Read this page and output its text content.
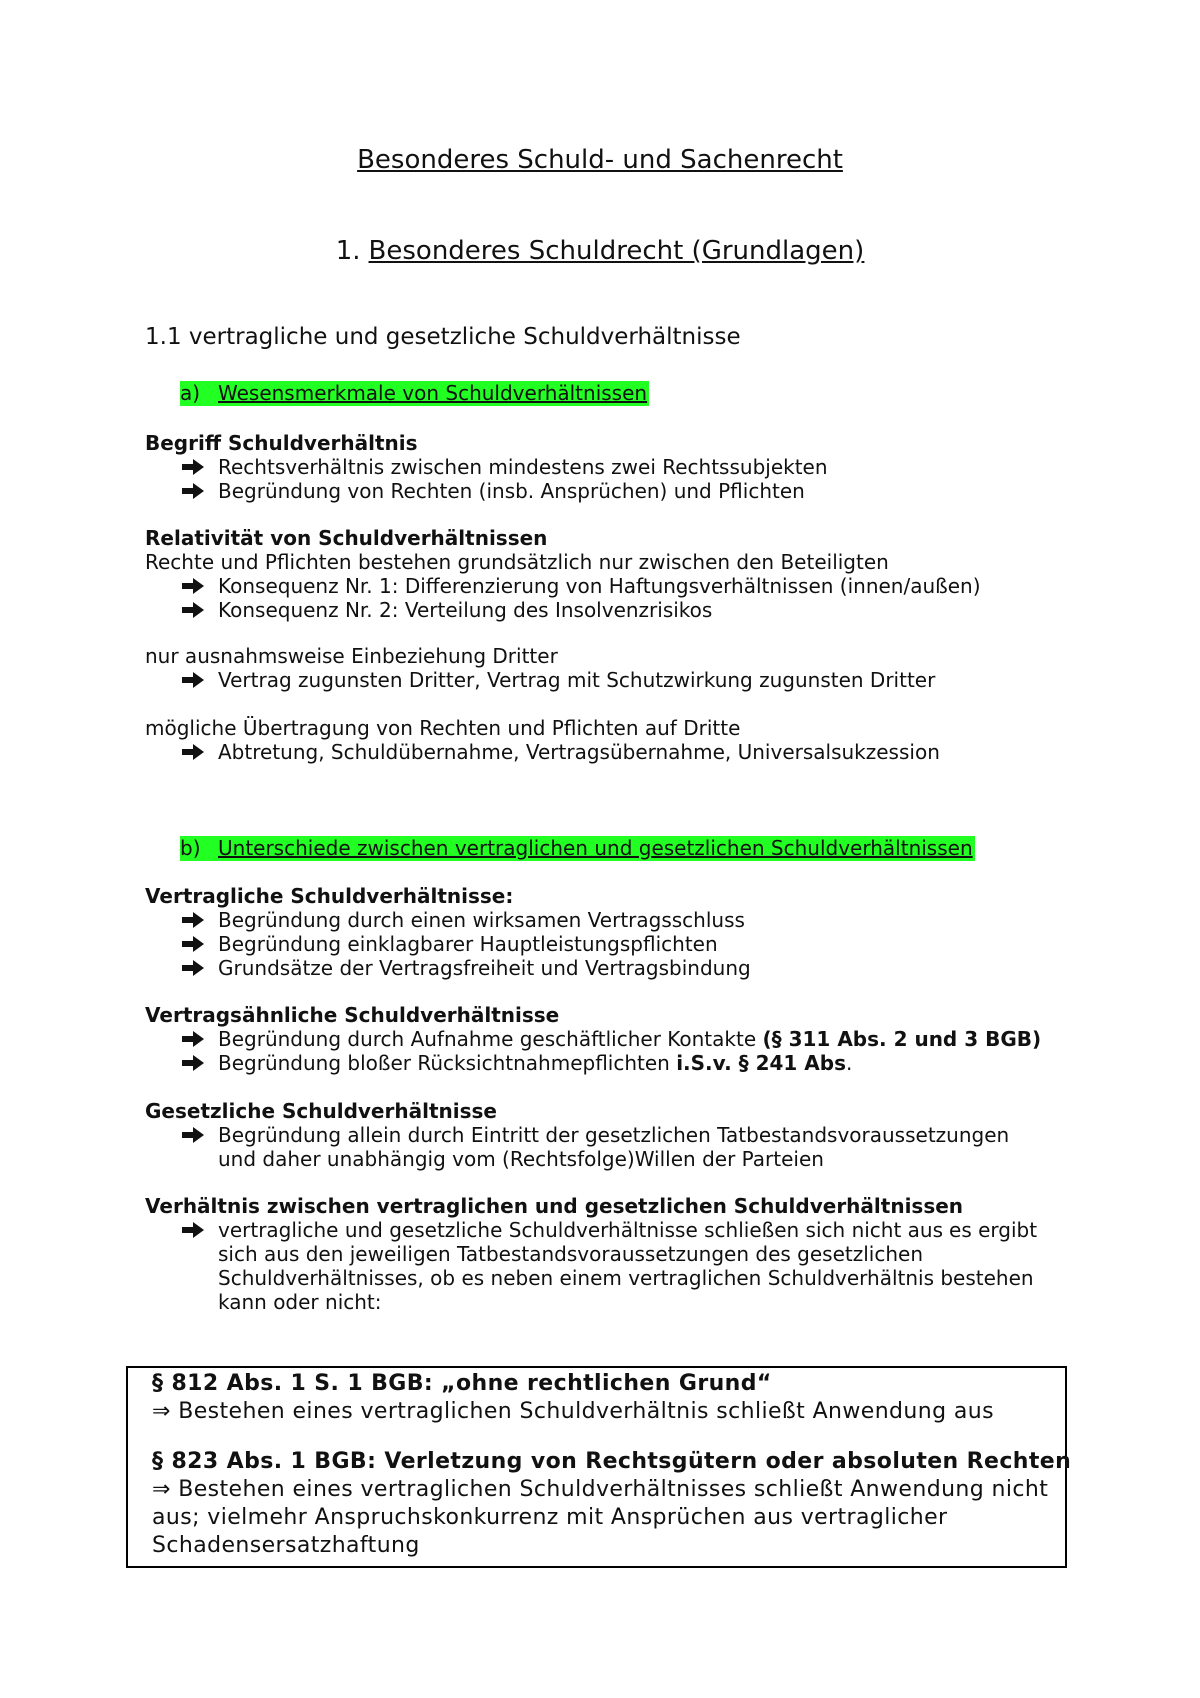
Besonderes Schuld- und Sachenrecht
1. Besonderes Schuldrecht (Grundlagen)
1.1 vertragliche und gesetzliche Schuldverhältnisse
a) Wesensmerkmale von Schuldverhältnissen
Begriff Schuldverhältnis
Rechtsverhältnis zwischen mindestens zwei Rechtssubjekten
Begründung von Rechten (insb. Ansprüchen) und Pflichten
Relativität von Schuldverhältnissen
Rechte und Pflichten bestehen grundsätzlich nur zwischen den Beteiligten
Konsequenz Nr. 1: Differenzierung von Haftungsverhältnissen (innen/außen)
Konsequenz Nr. 2: Verteilung des Insolvenzrisikos
nur ausnahmsweise Einbeziehung Dritter
Vertrag zugunsten Dritter, Vertrag mit Schutzwirkung zugunsten Dritter
mögliche Übertragung von Rechten und Pflichten auf Dritte
Abtretung, Schuldübernahme, Vertragsübernahme, Universalsukzession
b) Unterschiede zwischen vertraglichen und gesetzlichen Schuldverhältnissen
Vertragliche Schuldverhältnisse:
Begründung durch einen wirksamen Vertragsschluss
Begründung einklagbarer Hauptleistungspflichten
Grundsätze der Vertragsfreiheit und Vertragsbindung
Vertragsähnliche Schuldverhältnisse
Begründung durch Aufnahme geschäftlicher Kontakte (§ 311 Abs. 2 und 3 BGB)
Begründung bloßer Rücksichtnahmepflichten i.S.v. § 241 Abs.
Gesetzliche Schuldverhältnisse
Begründung allein durch Eintritt der gesetzlichen Tatbestandsvoraussetzungen
und daher unabhängig vom (Rechtsfolge)Willen der Parteien
Verhältnis zwischen vertraglichen und gesetzlichen Schuldverhältnissen
vertragliche und gesetzliche Schuldverhältnisse schließen sich nicht aus es ergibt
sich aus den jeweiligen Tatbestandsvoraussetzungen des gesetzlichen
Schuldverhältnisses, ob es neben einem vertraglichen Schuldverhältnis bestehen
kann oder nicht:
§ 812 Abs. 1 S. 1 BGB: „ohne rechtlichen Grund“
⇒ Bestehen eines vertraglichen Schuldverhältnis schließt Anwendung aus
§ 823 Abs. 1 BGB: Verletzung von Rechtsgütern oder absoluten Rechten
⇒ Bestehen eines vertraglichen Schuldverhältnisses schließt Anwendung nicht
aus; vielmehr Anspruchskonkurrenz mit Ansprüchen aus vertraglicher
Schadensersatzhaftung
